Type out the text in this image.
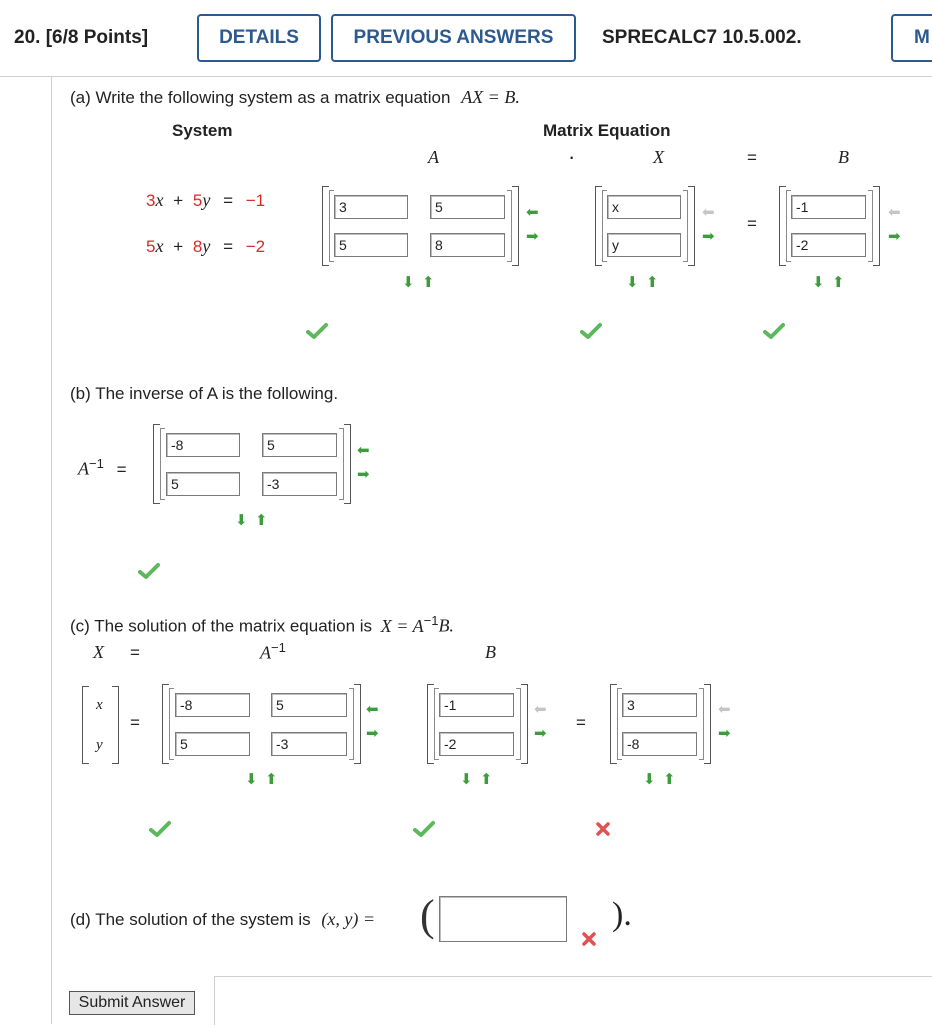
20. [6/8 Points]	DETAILS	PREVIOUS ANSWERS	SPRECALC7 10.5.002.	M
(a) Write the following system as a matrix equation AX = B.
System	Matrix Equation
A	·	X	=	B
3x + 5y = −1
5x + 8y = −2
3	5
5	8
⬅
➡
⬇ ⬆
x
y
⬅
➡
⬇ ⬆
=
-1
-2
⬅
➡
⬇ ⬆
(b) The inverse of A is the following.
$A^{-1}$ =
-8	5
5	-3
⬅
➡
⬇ ⬆
(c) The solution of the matrix equation is $X = A^{-1}B$.
X =	$A^{-1}$	B
x
y
=
-8	5
5	-3
⬅
➡
⬇ ⬆
-1
-2
⬅
➡
⬇ ⬆
=
3
-8
⬅
➡
⬇ ⬆
(d) The solution of the system is (x, y) = (	).
Submit Answer
